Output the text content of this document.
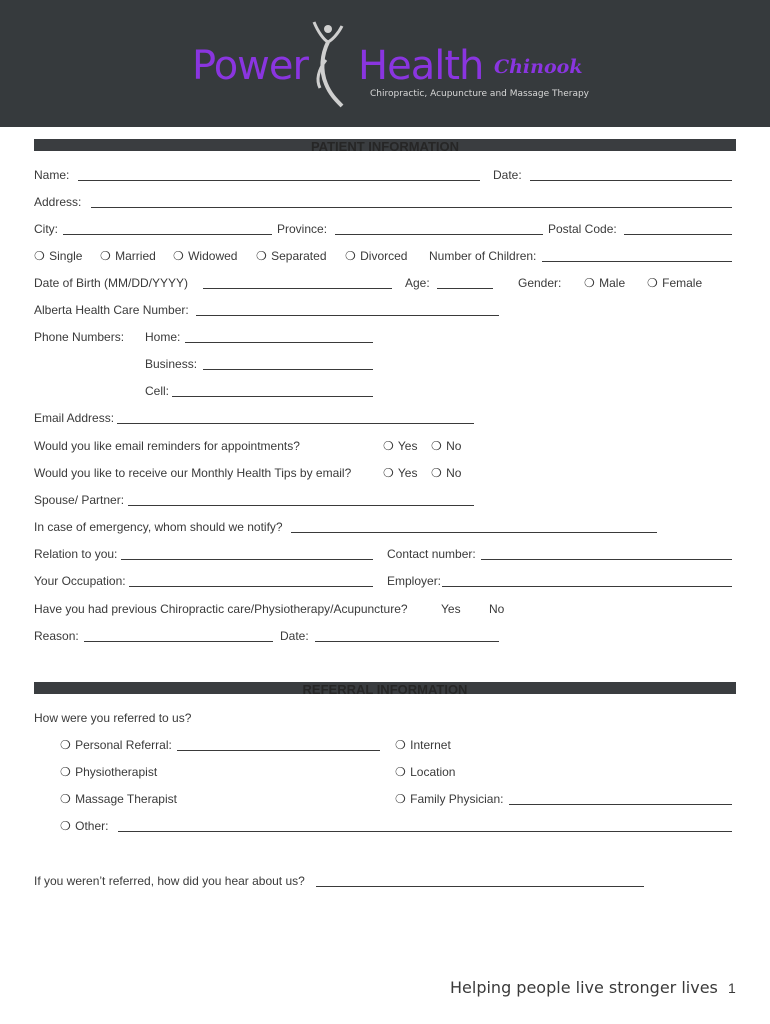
Power Health Chinook
Chiropractic, Acupuncture and Massage Therapy
PATIENT INFORMATION
Name:	Date:
Address:
City:	Province:	Postal Code:
❍ Single ❍ Married ❍ Widowed ❍ Separated ❍ Divorced Number of Children:
Date of Birth (MM/DD/YYYY)	Age:	Gender: ❍ Male ❍ Female
Alberta Health Care Number:
Phone Numbers: Home:
Business:
Cell:
Email Address:
Would you like email reminders for appointments?	❍ Yes ❍ No
Would you like to receive our Monthly Health Tips by email?	❍ Yes ❍ No
Spouse/ Partner:
In case of emergency, whom should we notify?
Relation to you:	Contact number:
Your Occupation:	Employer:
Have you had previous Chiropractic care/Physiotherapy/Acupuncture?	Yes No
Reason:	Date:
REFERRAL INFORMATION
How were you referred to us?
❍ Personal Referral:	❍ Internet
❍ Physiotherapist	❍ Location
❍ Massage Therapist	❍ Family Physician:
❍ Other:
If you weren’t referred, how did you hear about us?
Helping people live stronger lives 1
